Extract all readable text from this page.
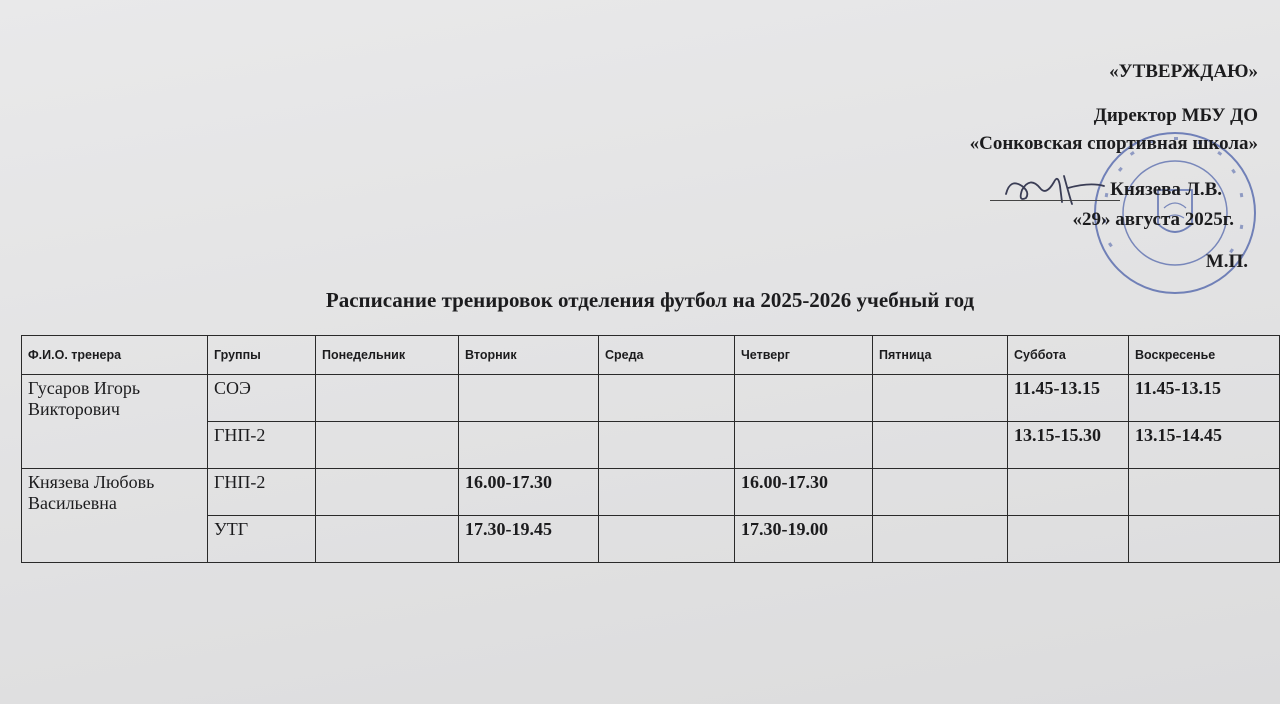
«УТВЕРЖДАЮ»
Директор МБУ ДО
«Сонковская спортивная школа»
Князева Л.В.
«29» августа 2025г.
М.П.
Расписание тренировок отделения футбол на 2025-2026 учебный год
Ф.И.О. тренера	Группы	Понедельник	Вторник	Среда	Четверг	Пятница	Суббота	Воскресенье
Гусаров Игорь Викторович	СОЭ						11.45-13.15	11.45-13.15
	ГНП-2						13.15-15.30	13.15-14.45
Князева Любовь Васильевна	ГНП-2		16.00-17.30		16.00-17.30			
	УТГ		17.30-19.45		17.30-19.00			
